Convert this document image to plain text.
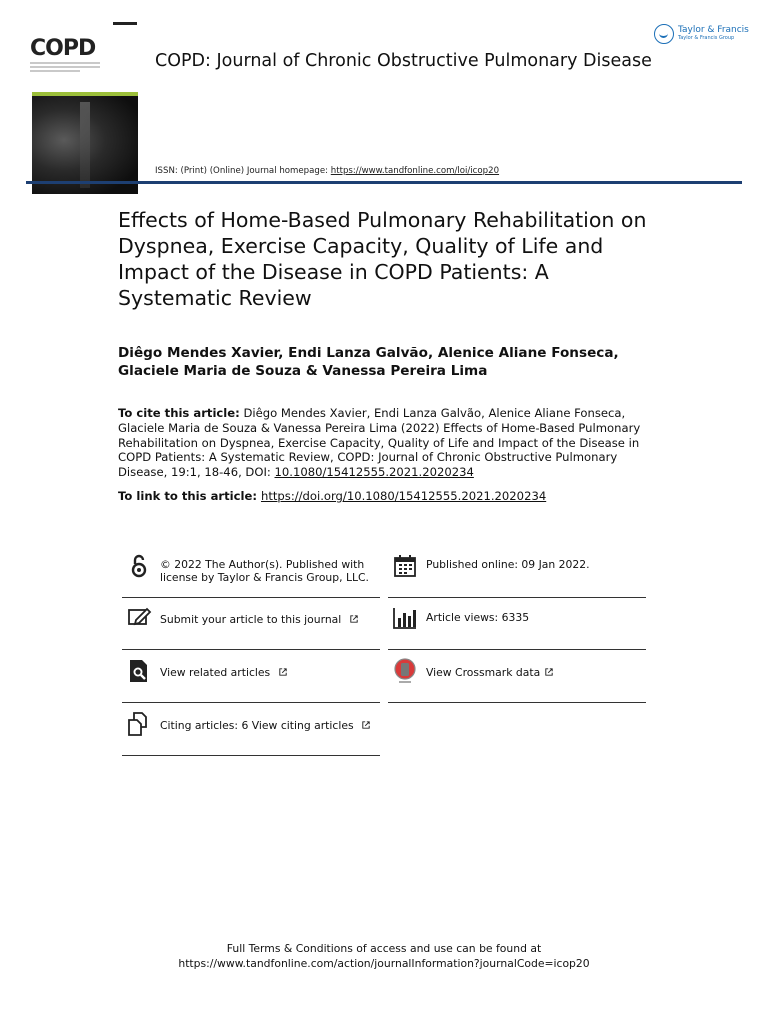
COPD	COPD: Journal of Chronic Obstructive Pulmonary Disease
ISSN: (Print) (Online) Journal homepage: https://www.tandfonline.com/loi/icop20
Taylor & Francis
Taylor & Francis Group
Effects of Home-Based Pulmonary Rehabilitation on Dyspnea, Exercise Capacity, Quality of Life and Impact of the Disease in COPD Patients: A Systematic Review
Diêgo Mendes Xavier, Endi Lanza Galvão, Alenice Aliane Fonseca, Glaciele Maria de Souza & Vanessa Pereira Lima
To cite this article: Diêgo Mendes Xavier, Endi Lanza Galvão, Alenice Aliane Fonseca, Glaciele Maria de Souza & Vanessa Pereira Lima (2022) Effects of Home-Based Pulmonary Rehabilitation on Dyspnea, Exercise Capacity, Quality of Life and Impact of the Disease in COPD Patients: A Systematic Review, COPD: Journal of Chronic Obstructive Pulmonary Disease, 19:1, 18-46, DOI: 10.1080/15412555.2021.2020234
To link to this article: https://doi.org/10.1080/15412555.2021.2020234
© 2022 The Author(s). Published with
license by Taylor & Francis Group, LLC.
Submit your article to this journal
View related articles
Citing articles: 6 View citing articles
Published online: 09 Jan 2022.
Article views: 6335
View Crossmark data
Full Terms & Conditions of access and use can be found at
https://www.tandfonline.com/action/journalInformation?journalCode=icop20
